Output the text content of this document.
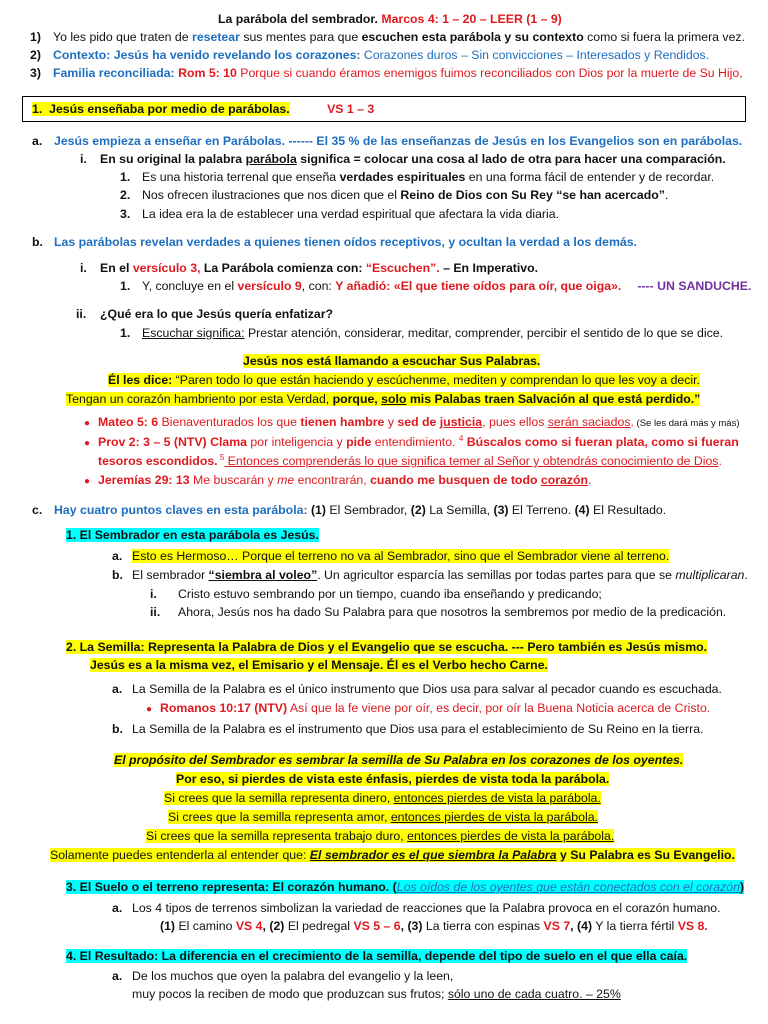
La parábola del sembrador. Marcos 4: 1 – 20 – LEER (1 – 9)
1) Yo les pido que traten de resetear sus mentes para que escuchen esta parábola y su contexto como si fuera la primera vez.
2) Contexto: Jesús ha venido revelando los corazones: Corazones duros – Sin convicciones – Interesados y Rendidos.
3) Familia reconciliada: Rom 5: 10 Porque si cuando éramos enemigos fuimos reconciliados con Dios por la muerte de Su Hijo,
1. Jesús enseñaba por medio de parábolas.	VS 1 – 3
a. Jesús empieza a enseñar en Parábolas. ------ El 35 % de las enseñanzas de Jesús en los Evangelios son en parábolas.
i. En su original la palabra parábola significa = colocar una cosa al lado de otra para hacer una comparación.
1. Es una historia terrenal que enseña verdades espirituales en una forma fácil de entender y de recordar.
2. Nos ofrecen ilustraciones que nos dicen que el Reino de Dios con Su Rey “se han acercado”.
3. La idea era la de establecer una verdad espiritual que afectara la vida diaria.
b. Las parábolas revelan verdades a quienes tienen oídos receptivos, y ocultan la verdad a los demás.
i. En el versículo 3, La Parábola comienza con: “Escuchen”. – En Imperativo.
1. Y, concluye en el versículo 9, con: Y añadió: «El que tiene oídos para oír, que oiga». ---- UN SANDUCHE.
ii. ¿Qué era lo que Jesús quería enfatizar?
1. Escuchar significa: Prestar atención, considerar, meditar, comprender, percibir el sentido de lo que se dice.
Jesús nos está llamando a escuchar Sus Palabras.
Él les dice: “Paren todo lo que están haciendo y escúchenme, mediten y comprendan lo que les voy a decir.
Tengan un corazón hambriento por esta Verdad, porque, solo mis Palabas traen Salvación al que está perdido.”
● Mateo 5: 6 Bienaventurados los que tienen hambre y sed de justicia, pues ellos serán saciados. (Se les dará más y más)
● Prov 2: 3 – 5 (NTV) Clama por inteligencia y pide entendimiento. $^4$ Búscalos como si fueran plata, como si fueran
tesoros escondidos. $^5$ Entonces comprenderás lo que significa temer al Señor y obtendrás conocimiento de Dios.
● Jeremías 29: 13 Me buscarán y me encontrarán, cuando me busquen de todo corazón.
c. Hay cuatro puntos claves en esta parábola: (1) El Sembrador, (2) La Semilla, (3) El Terreno. (4) El Resultado.
1. El Sembrador en esta parábola es Jesús.
a. Esto es Hermoso… Porque el terreno no va al Sembrador, sino que el Sembrador viene al terreno.
b. El sembrador “siembra al voleo”. Un agricultor esparcía las semillas por todas partes para que se multiplicaran.
i. Cristo estuvo sembrando por un tiempo, cuando iba enseñando y predicando;
ii. Ahora, Jesús nos ha dado Su Palabra para que nosotros la sembremos por medio de la predicación.
2. La Semilla: Representa la Palabra de Dios y el Evangelio que se escucha. --- Pero también es Jesús mismo.
Jesús es a la misma vez, el Emisario y el Mensaje. Él es el Verbo hecho Carne.
a. La Semilla de la Palabra es el único instrumento que Dios usa para salvar al pecador cuando es escuchada.
● Romanos 10:17 (NTV) Así que la fe viene por oír, es decir, por oír la Buena Noticia acerca de Cristo.
b. La Semilla de la Palabra es el instrumento que Dios usa para el establecimiento de Su Reino en la tierra.
El propósito del Sembrador es sembrar la semilla de Su Palabra en los corazones de los oyentes.
Por eso, si pierdes de vista este énfasis, pierdes de vista toda la parábola.
Si crees que la semilla representa dinero, entonces pierdes de vista la parábola.
Si crees que la semilla representa amor, entonces pierdes de vista la parábola.
Si crees que la semilla representa trabajo duro, entonces pierdes de vista la parábola.
Solamente puedes entenderla al entender que: El sembrador es el que siembra la Palabra y Su Palabra es Su Evangelio.
3. El Suelo o el terreno representa: El corazón humano. (Los oídos de los oyentes que están conectados con el corazón)
a. Los 4 tipos de terrenos simbolizan la variedad de reacciones que la Palabra provoca en el corazón humano.
(1) El camino VS 4, (2) El pedregal VS 5 – 6, (3) La tierra con espinas VS 7, (4) Y la tierra fértil VS 8.
4. El Resultado: La diferencia en el crecimiento de la semilla, depende del tipo de suelo en el que ella caía.
a. De los muchos que oyen la palabra del evangelio y la leen,
muy pocos la reciben de modo que produzcan sus frutos; sólo uno de cada cuatro. – 25%
